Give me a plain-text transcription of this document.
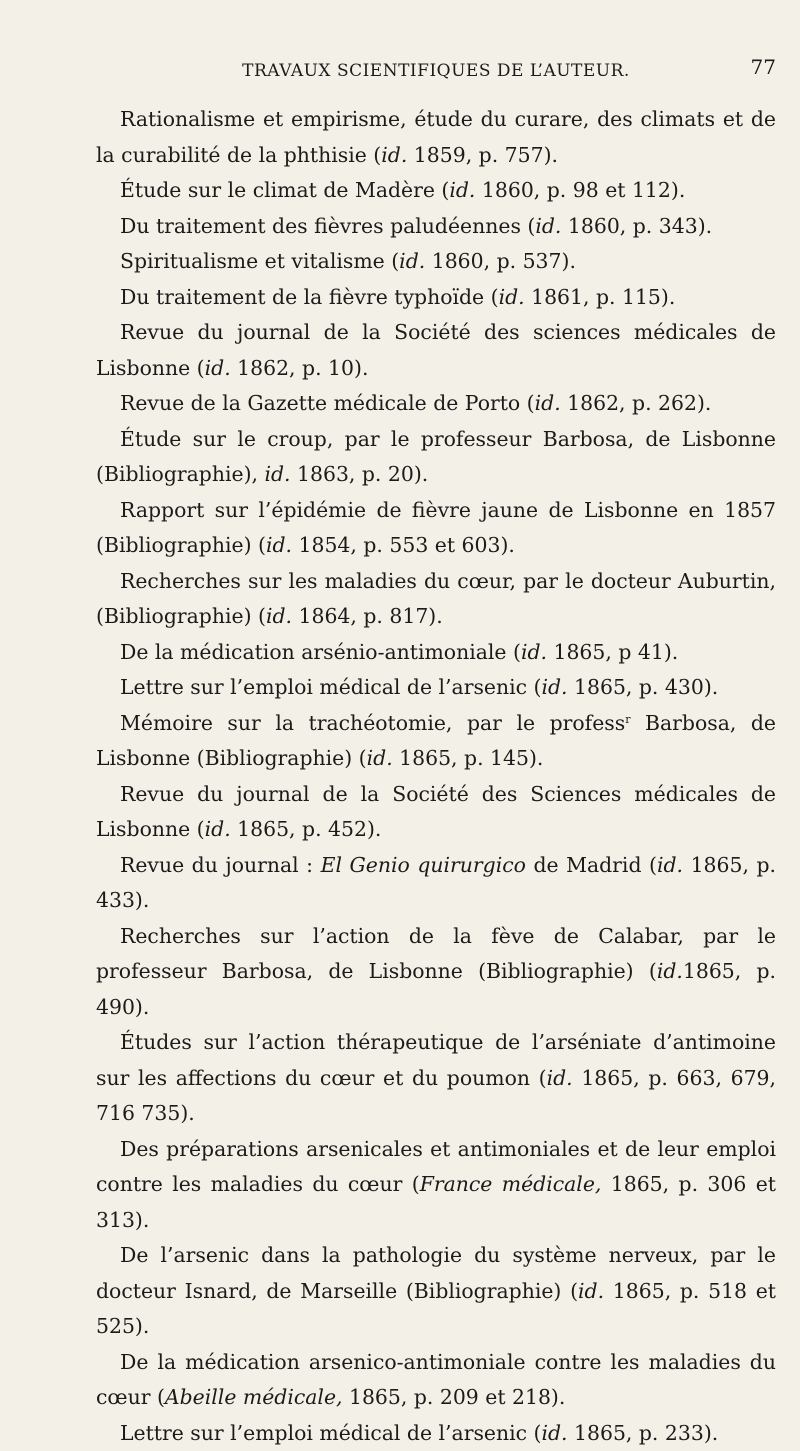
TRAVAUX SCIENTIFIQUES DE L’AUTEUR.	77

Rationalisme et empirisme, étude du curare, des climats et de la curabilité de la phthisie (id. 1859, p. 757).

Étude sur le climat de Madère (id. 1860, p. 98 et 112).

Du traitement des fièvres paludéennes (id. 1860, p. 343).

Spiritualisme et vitalisme (id. 1860, p. 537).

Du traitement de la fièvre typhoïde (id. 1861, p. 115).

Revue du journal de la Société des sciences médicales de Lisbonne (id. 1862, p. 10).

Revue de la Gazette médicale de Porto (id. 1862, p. 262).

Étude sur le croup, par le professeur Barbosa, de Lisbonne (Bibliographie), id. 1863, p. 20).

Rapport sur l’épidémie de fièvre jaune de Lisbonne en 1857 (Bibliographie) (id. 1854, p. 553 et 603).

Recherches sur les maladies du cœur, par le docteur Auburtin, (Bibliographie) (id. 1864, p. 817).

De la médication arsénio-antimoniale (id. 1865, p 41).

Lettre sur l’emploi médical de l’arsenic (id. 1865, p. 430).

Mémoire sur la trachéotomie, par le profess$^r$ Barbosa, de Lisbonne (Bibliographie) (id. 1865, p. 145).

Revue du journal de la Société des Sciences médicales de Lisbonne (id. 1865, p. 452).

Revue du journal : El Genio quirurgico de Madrid (id. 1865, p. 433).

Recherches sur l’action de la fève de Calabar, par le professeur Barbosa, de Lisbonne (Bibliographie) (id.1865, p. 490).

Études sur l’action thérapeutique de l’arséniate d’antimoine sur les affections du cœur et du poumon (id. 1865, p. 663, 679, 716 735).

Des préparations arsenicales et antimoniales et de leur emploi contre les maladies du cœur (France médicale, 1865, p. 306 et 313).

De l’arsenic dans la pathologie du système nerveux, par le docteur Isnard, de Marseille (Bibliographie) (id. 1865, p. 518 et 525).

De la médication arsenico-antimoniale contre les maladies du cœur (Abeille médicale, 1865, p. 209 et 218).

Lettre sur l’emploi médical de l’arsenic (id. 1865, p. 233).
